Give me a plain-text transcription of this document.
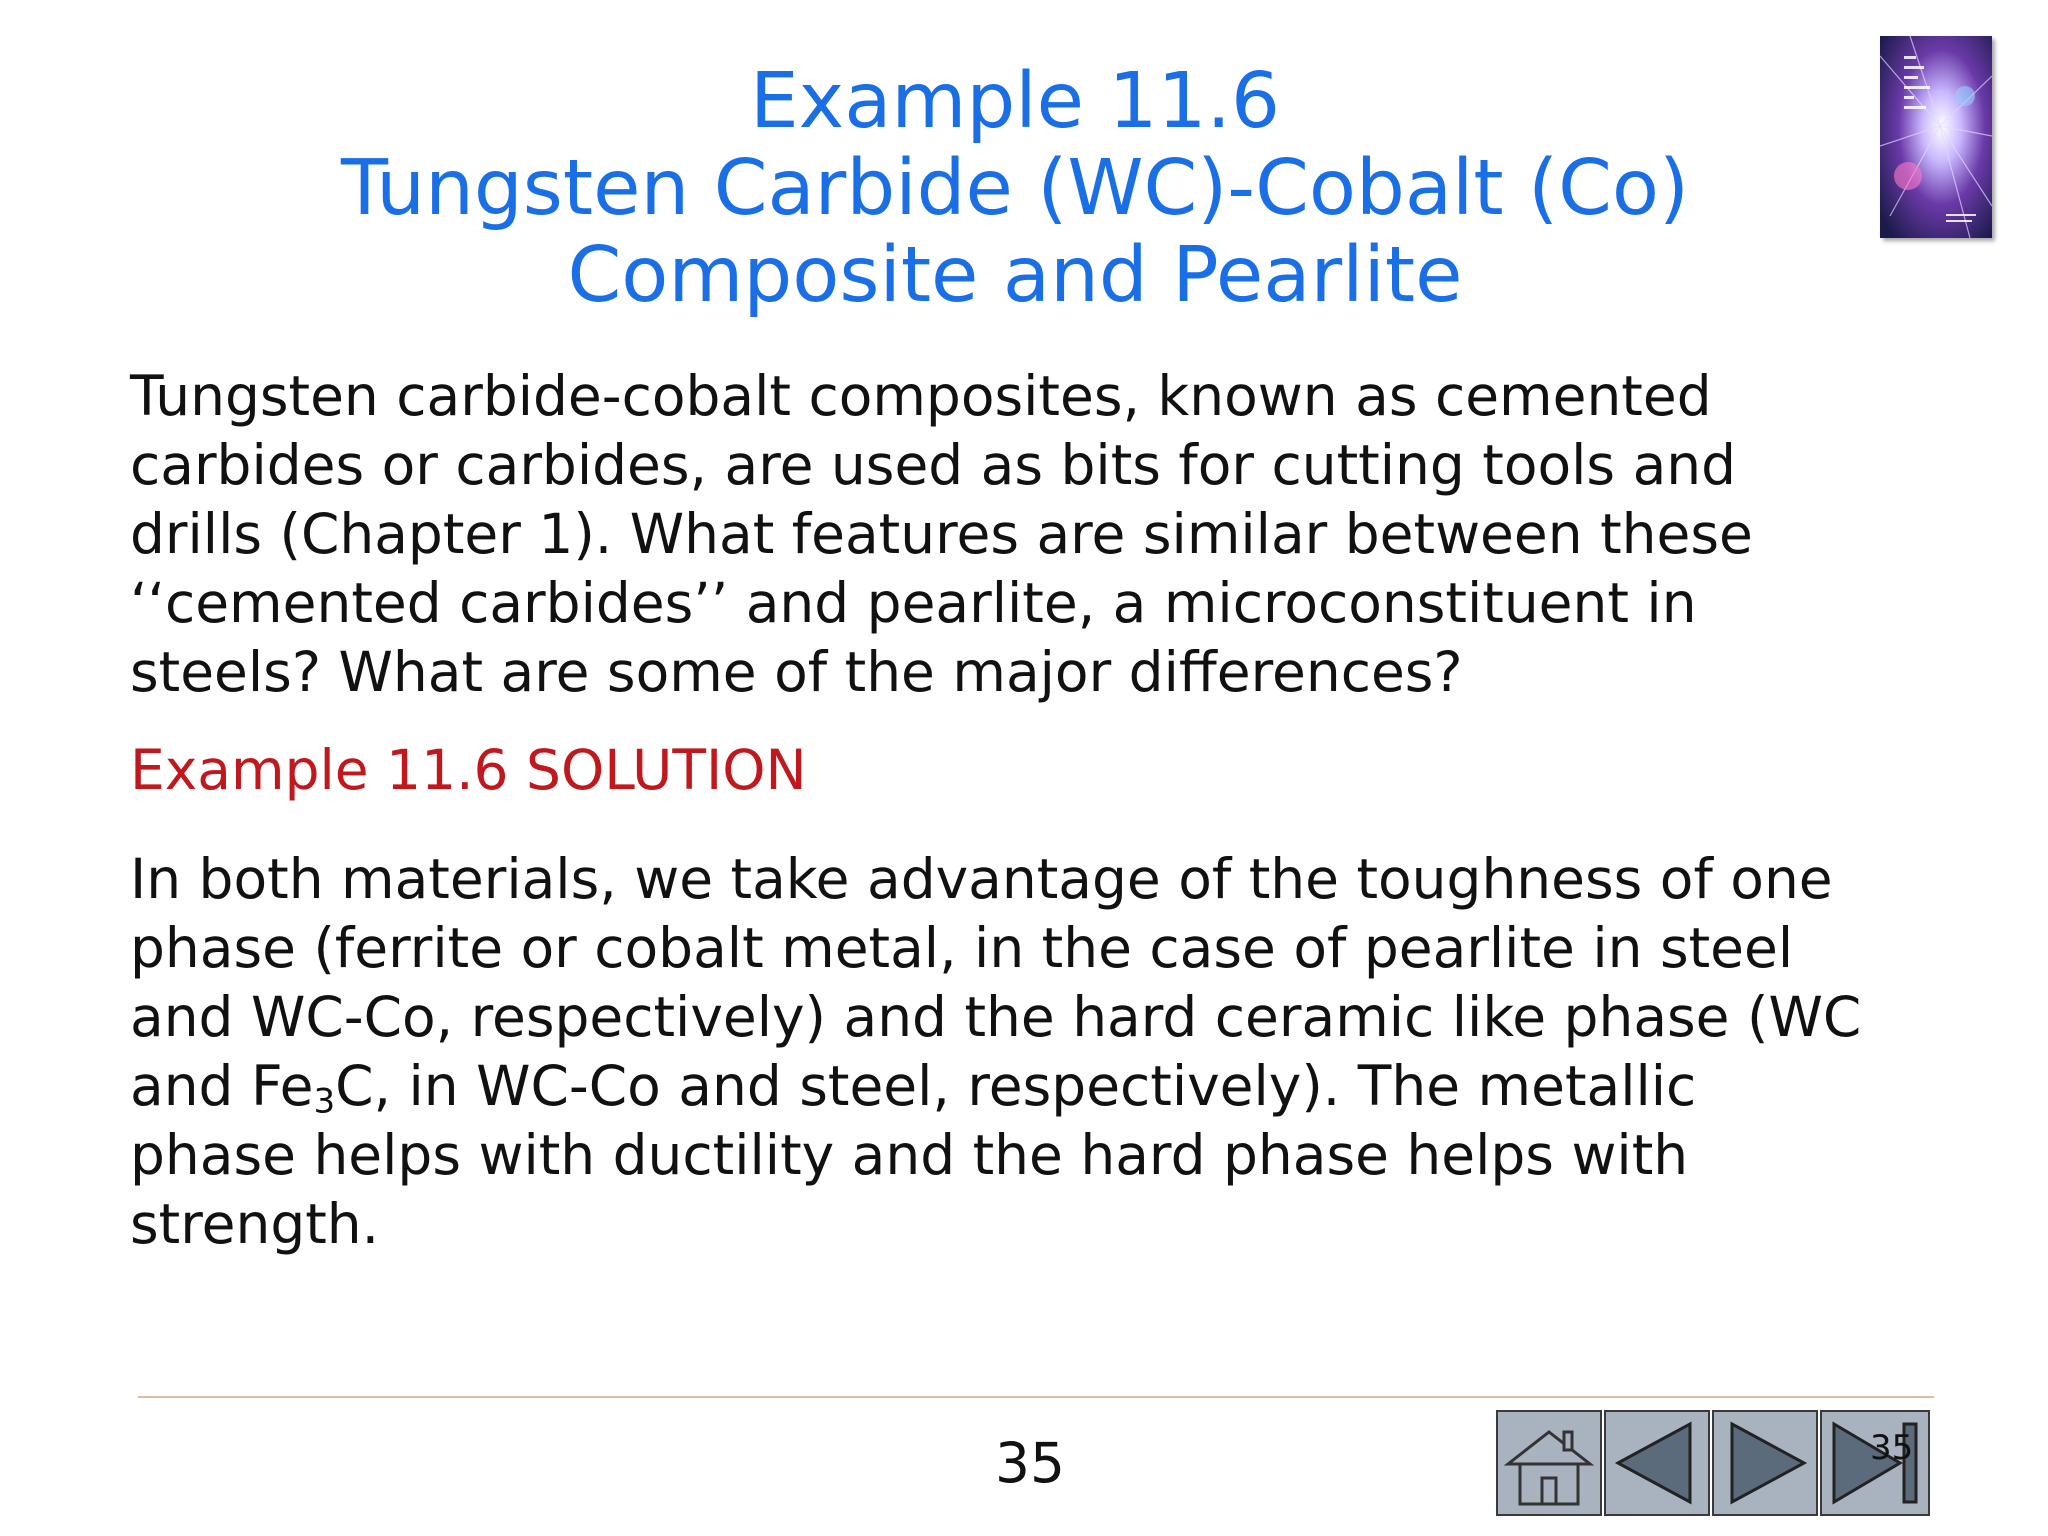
Example 11.6
Tungsten Carbide (WC)-Cobalt (Co)
Composite and Pearlite
Tungsten carbide-cobalt composites, known as cemented
carbides or carbides, are used as bits for cutting tools and
drills (Chapter 1). What features are similar between these
‘‘cemented carbides’’ and pearlite, a microconstituent in
steels? What are some of the major differences?
Example 11.6 SOLUTION
In both materials, we take advantage of the toughness of one
phase (ferrite or cobalt metal, in the case of pearlite in steel
and WC-Co, respectively) and the hard ceramic like phase (WC
and $Fe_3C$, in WC-Co and steel, respectively). The metallic
phase helps with ductility and the hard phase helps with
strength.
35	35
